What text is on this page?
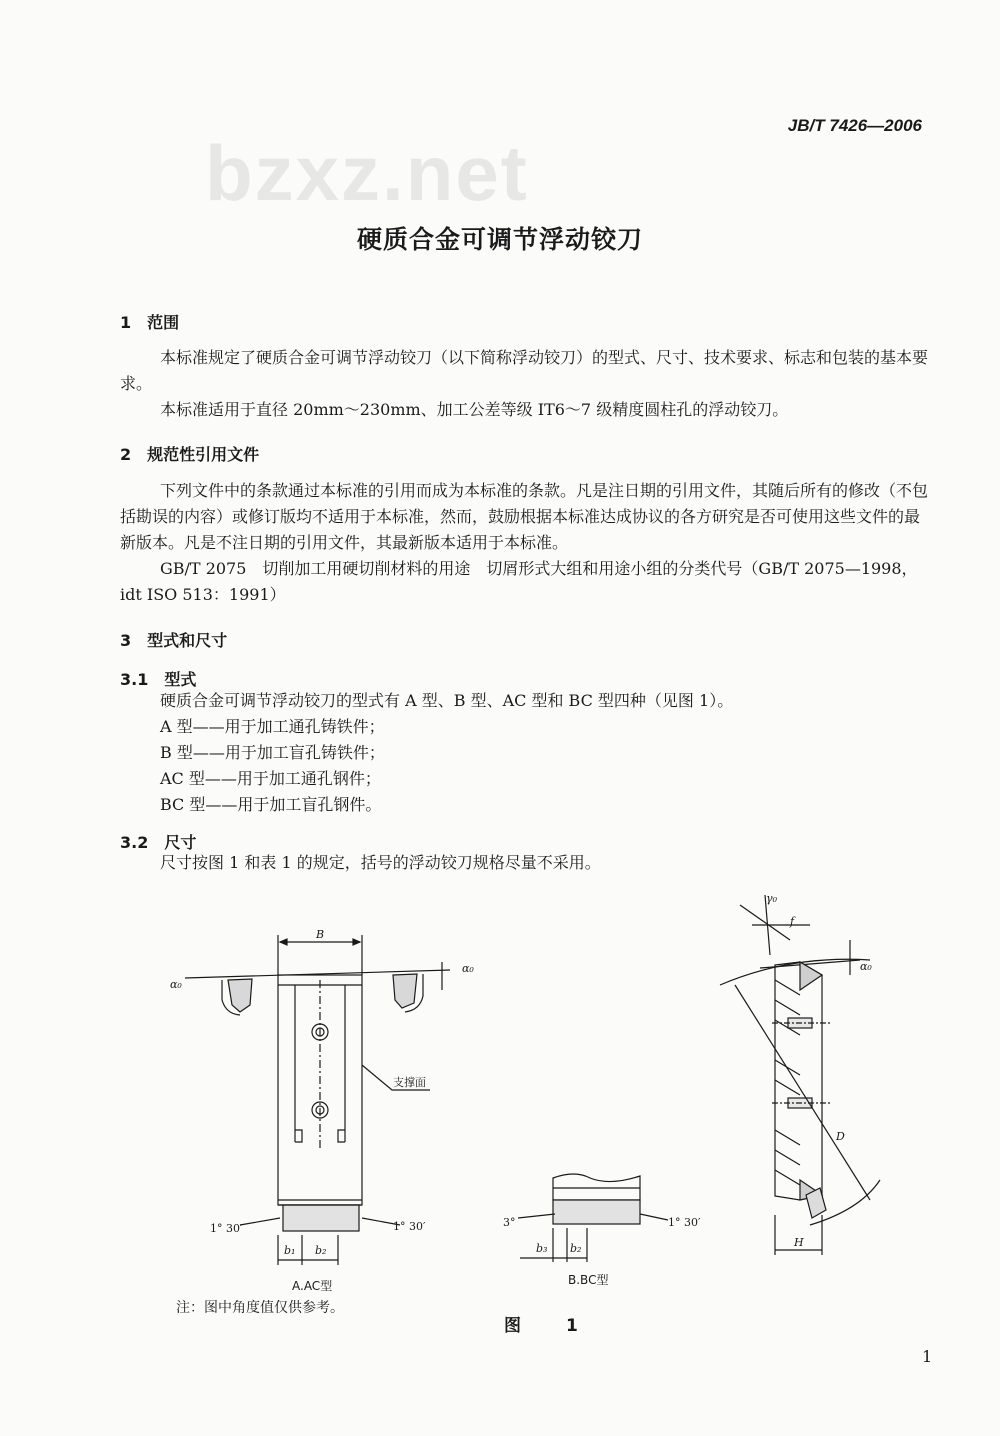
JB/T 7426—2006
bzxz.net
硬质合金可调节浮动铰刀
1　范围
本标准规定了硬质合金可调节浮动铰刀（以下简称浮动铰刀）的型式、尺寸、技术要求、标志和包装的基本要求。
本标准适用于直径 20mm～230mm、加工公差等级 IT6～7 级精度圆柱孔的浮动铰刀。
2　规范性引用文件
下列文件中的条款通过本标准的引用而成为本标准的条款。凡是注日期的引用文件，其随后所有的修改（不包括勘误的内容）或修订版均不适用于本标准，然而，鼓励根据本标准达成协议的各方研究是否可使用这些文件的最新版本。凡是不注日期的引用文件，其最新版本适用于本标准。
GB/T 2075　切削加工用硬切削材料的用途　切屑形式大组和用途小组的分类代号（GB/T 2075—1998，idt ISO 513：1991）
3　型式和尺寸
3.1　型式
硬质合金可调节浮动铰刀的型式有 A 型、B 型、AC 型和 BC 型四种（见图 1）。
A 型——用于加工通孔铸铁件；
B 型——用于加工盲孔铸铁件；
AC 型——用于加工通孔钢件；
BC 型——用于加工盲孔钢件。
3.2　尺寸
尺寸按图 1 和表 1 的规定，括号的浮动铰刀规格尽量不采用。
B
α₀
α₀
支撑面
1° 30′	1° 30′
b₁ b₂
A.AC型
3°	1° 30′
b₃ b₂
B.BC型
γ₀
f
α₀
D
H
注：图中角度值仅供参考。
图　1
1
